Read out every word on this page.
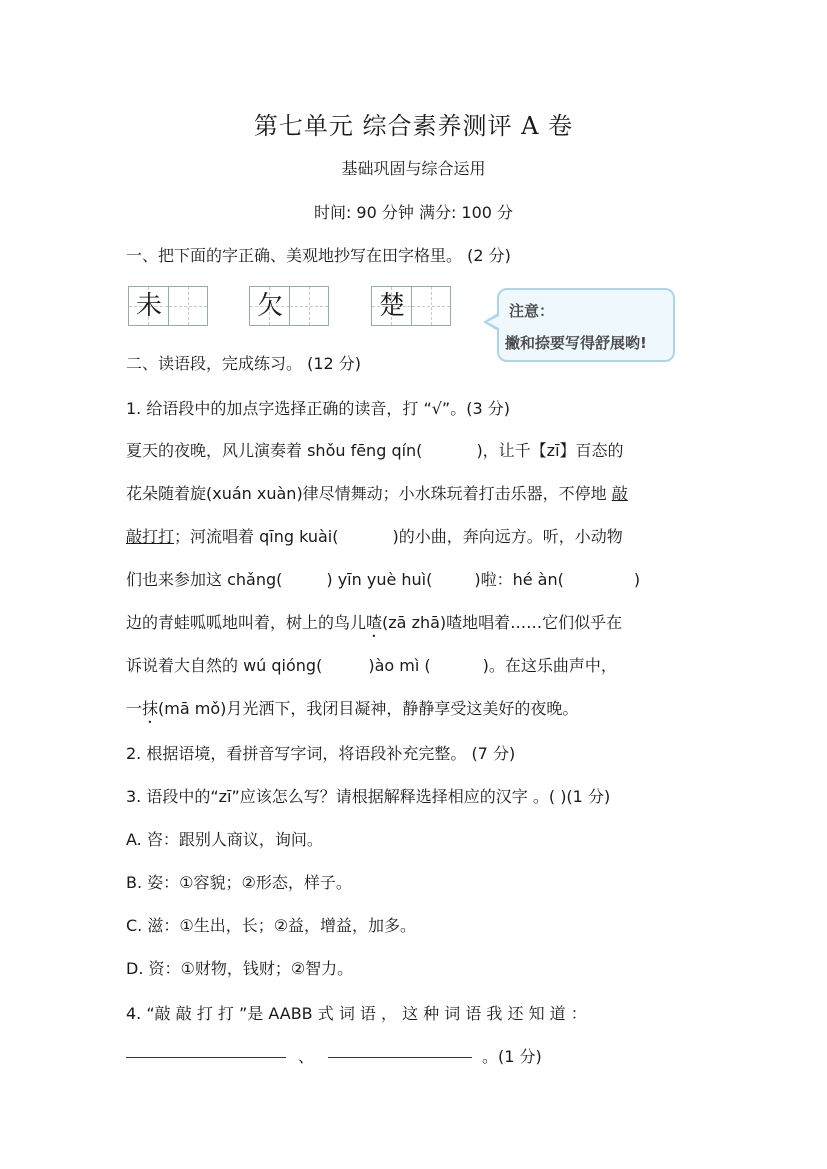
第七单元 综合素养测评 A 卷
基础巩固与综合运用
时间: 90 分钟 满分: 100 分
一、把下面的字正确、美观地抄写在田字格里。 (2 分)
未	欠	楚	注意：
撇和捺要写得舒展哟!
二、读语段，完成练习。 (12 分)
1. 给语段中的加点字选择正确的读音，打 “√”。(3 分)
夏天的夜晚，风儿演奏着 shǒu fēng qín(	)，让千【zī】百态的
花朵随着旋(xuán xuàn)律尽情舞动；小水珠玩着打击乐器，不停地 敲
敲打打；河流唱着 qīng kuài(	)的小曲，奔向远方。听，小动物
们也来参加这 chǎng(	) yīn yuè huì(	)啦：hé àn(	)
边的青蛙呱呱地叫着，树上的鸟儿喳(zā zhā)喳地唱着……它们似乎在
诉说着大自然的 wú qióng(	)ào mì (	)。在这乐曲声中，
一抹(mā mǒ)月光洒下，我闭目凝神，静静享受这美好的夜晚。
2. 根据语境，看拼音写字词，将语段补充完整。 (7 分)
3. 语段中的“zī”应该怎么写？请根据解释选择相应的汉字 。( )(1 分)
A. 咨：跟别人商议，询问。
B. 姿：①容貌；②形态，样子。
C. 滋：①生出，长；②益，增益，加多。
D. 资：①财物，钱财；②智力。
4. “敲 敲 打 打 ”是 AABB 式 词 语 ， 这 种 词 语 我 还 知 道 ：
、	。(1 分)
